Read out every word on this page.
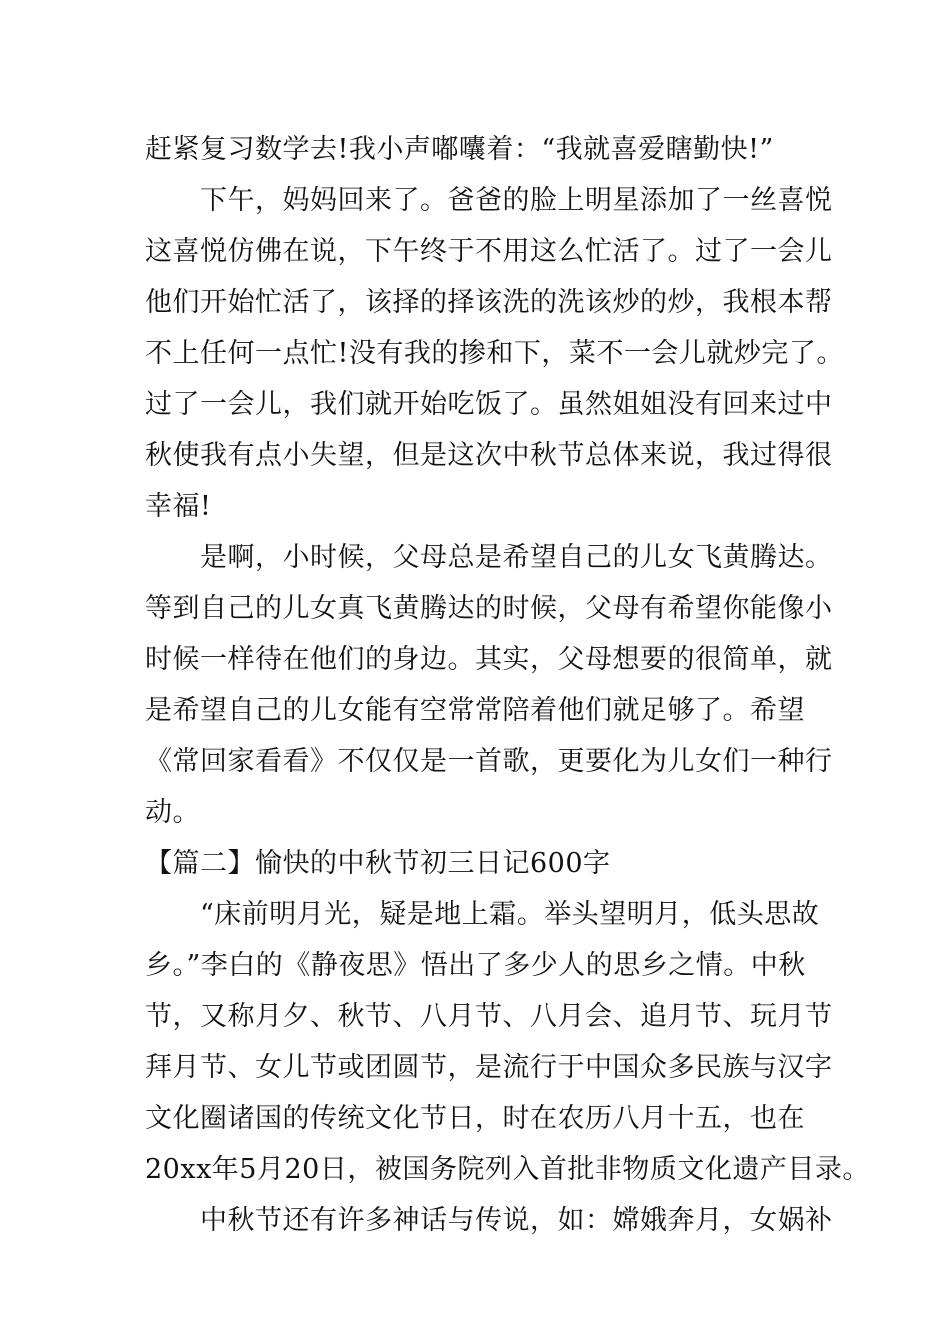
赶紧复习数学去!我小声嘟囔着：“我就喜爱瞎勤快!”
下午，妈妈回来了。爸爸的脸上明星添加了一丝喜悦
这喜悦仿佛在说，下午终于不用这么忙活了。过了一会儿
他们开始忙活了，该择的择该洗的洗该炒的炒，我根本帮
不上任何一点忙!没有我的掺和下，菜不一会儿就炒完了。
过了一会儿，我们就开始吃饭了。虽然姐姐没有回来过中
秋使我有点小失望，但是这次中秋节总体来说，我过得很
幸福!
是啊，小时候，父母总是希望自己的儿女飞黄腾达。
等到自己的儿女真飞黄腾达的时候，父母有希望你能像小
时候一样待在他们的身边。其实，父母想要的很简单，就
是希望自己的儿女能有空常常陪着他们就足够了。希望
《常回家看看》不仅仅是一首歌，更要化为儿女们一种行
动。
【篇二】愉快的中秋节初三日记600字
“床前明月光，疑是地上霜。举头望明月，低头思故
乡。”李白的《静夜思》悟出了多少人的思乡之情。中秋
节，又称月夕、秋节、八月节、八月会、追月节、玩月节
拜月节、女儿节或团圆节，是流行于中国众多民族与汉字
文化圈诸国的传统文化节日，时在农历八月十五，也在
20xx年5月20日，被国务院列入首批非物质文化遗产目录。
中秋节还有许多神话与传说，如：嫦娥奔月，女娲补
